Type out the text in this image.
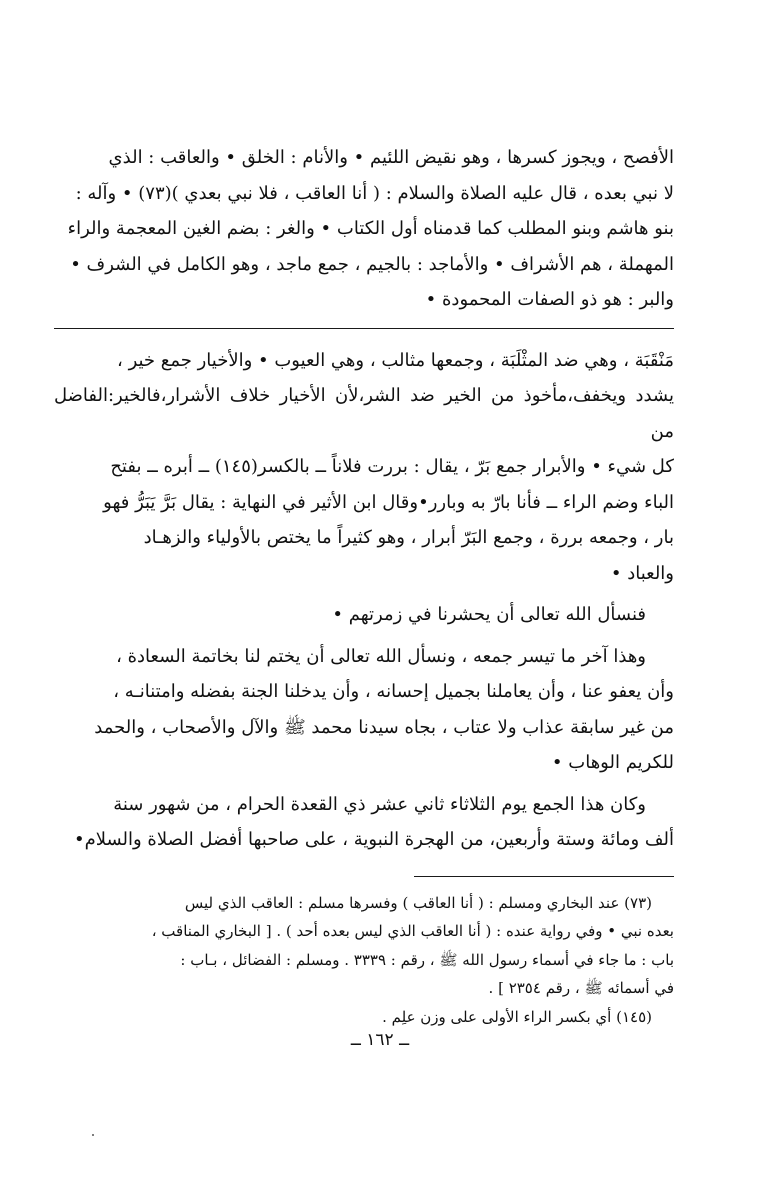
الأفصح ، ويجوز كسرها ، وهو نقيض اللئيم • والأنام : الخلق • والعاقب : الذي

لا نبي بعده ، قال عليه الصلاة والسلام : ( أنا العاقب ، فلا نبي بعدي )(٧٣) • وآله :

بنو هاشم وبنو المطلب كما قدمناه أول الكتاب • والغر : بضم الغين المعجمة والراء

المهملة ، هم الأشراف • والأماجد : بالجيم ، جمع ماجد ، وهو الكامل في الشرف •

والبر : هو ذو الصفات المحمودة •

مَنْقَبَة ، وهي ضد المثْلَبَة ، وجمعها مثالب ، وهي العيوب • والأخيار جمع خير ،

يشدد ويخفف،مأخوذ من الخير ضد الشر،لأن الأخيار خلاف الأشرار،فالخير:الفاضل من

كل شيء • والأبرار جمع بَرّ ، يقال : بررت فلاناً ــ بالكسر(١٤٥) ــ أبره ــ بفتح

الباء وضم الراء ــ فأنا بارّ به وبارر•وقال ابن الأثير في النهاية : يقال بَرَّ يَبَرُّ فهو

بار ، وجمعه بررة ، وجمع البَرّ أبرار ، وهو كثيراً ما يختص بالأولياء والزهـاد

والعباد •

فنسأل الله تعالى أن يحشرنا في زمرتهم •

وهذا آخر ما تيسر جمعه ، ونسأل الله تعالى أن يختم لنا بخاتمة السعادة ،

وأن يعفو عنا ، وأن يعاملنا بجميل إحسانه ، وأن يدخلنا الجنة بفضله وامتنانـه ،

من غير سابقة عذاب ولا عتاب ، بجاه سيدنا محمد ﷺ والآل والأصحاب ، والحمد

للكريم الوهاب •

وكان هذا الجمع يوم الثلاثاء ثاني عشر ذي القعدة الحرام ، من شهور سنة

ألف ومائة وستة وأربعين، من الهجرة النبوية ، على صاحبها أفضل الصلاة والسلام•

(٧٣) عند البخاري ومسلم : ( أنا العاقب ) وفسرها مسلم : العاقب الذي ليس

بعده نبي • وفي رواية عنده : ( أنا العاقب الذي ليس بعده أحد ) . [ البخاري المناقب ،

باب : ما جاء في أسماء رسول الله ﷺ ، رقم : ٣٣٣٩ . ومسلم : الفضائل ، بـاب :

في أسمائه ﷺ ، رقم ٢٣٥٤ ] .

(١٤٥) أي بكسر الراء الأولى على وزن علِم .

ــ ١٦٢ ــ
